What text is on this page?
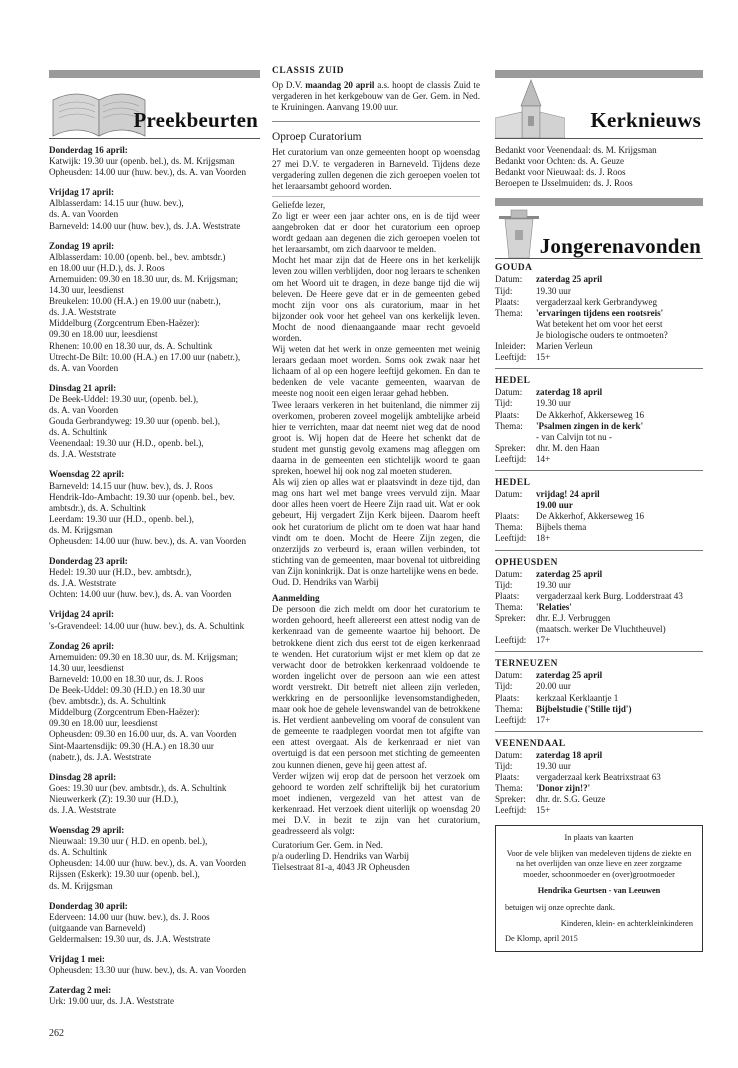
Preekbeurten
Donderdag 16 april:
Katwijk: 19.30 uur (openb. bel.), ds. M. Krijgsman
Opheusden: 14.00 uur (huw. bev.), ds. A. van Voorden
Vrijdag 17 april:
Alblasserdam: 14.15 uur (huw. bev.),
ds. A. van Voorden
Barneveld: 14.00 uur (huw. bev.), ds. J.A. Weststrate
Zondag 19 april:
Alblasserdam: 10.00 (openb. bel., bev. ambtsdr.)
en 18.00 uur (H.D.), ds. J. Roos
Arnemuiden: 09.30 en 18.30 uur, ds. M. Krijgsman;
14.30 uur, leesdienst
Breukelen: 10.00 (H.A.) en 19.00 uur (nabetr.),
ds. J.A. Weststrate
Middelburg (Zorgcentrum Eben-Haëzer):
09.30 en 18.00 uur, leesdienst
Rhenen: 10.00 en 18.30 uur, ds. A. Schultink
Utrecht-De Bilt: 10.00 (H.A.) en 17.00 uur (nabetr.),
ds. A. van Voorden
Dinsdag 21 april:
De Beek-Uddel: 19.30 uur, (openb. bel.),
ds. A. van Voorden
Gouda Gerbrandyweg: 19.30 uur (openb. bel.),
ds. A. Schultink
Veenendaal: 19.30 uur (H.D., openb. bel.),
ds. J.A. Weststrate
Woensdag 22 april:
Barneveld: 14.15 uur (huw. bev.), ds. J. Roos
Hendrik-Ido-Ambacht: 19.30 uur (openb. bel., bev.
ambtsdr.), ds. A. Schultink
Leerdam: 19.30 uur (H.D., openb. bel.),
ds. M. Krijgsman
Opheusden: 14.00 uur (huw. bev.), ds. A. van Voorden
Donderdag 23 april:
Hedel: 19.30 uur (H.D., bev. ambtsdr.),
ds. J.A. Weststrate
Ochten: 14.00 uur (huw. bev.), ds. A. van Voorden
Vrijdag 24 april:
's-Gravendeel: 14.00 uur (huw. bev.), ds. A. Schultink
Zondag 26 april:
Arnemuiden: 09.30 en 18.30 uur, ds. M. Krijgsman;
14.30 uur, leesdienst
Barneveld: 10.00 en 18.30 uur, ds. J. Roos
De Beek-Uddel: 09.30 (H.D.) en 18.30 uur
(bev. ambtsdr.), ds. A. Schultink
Middelburg (Zorgcentrum Eben-Haëzer):
09.30 en 18.00 uur, leesdienst
Opheusden: 09.30 en 16.00 uur, ds. A. van Voorden
Sint-Maartensdijk: 09.30 (H.A.) en 18.30 uur
(nabetr.), ds. J.A. Weststrate
Dinsdag 28 april:
Goes: 19.30 uur (bev. ambtsdr.), ds. A. Schultink
Nieuwerkerk (Z): 19.30 uur (H.D.),
ds. J.A. Weststrate
Woensdag 29 april:
Nieuwaal: 19.30 uur ( H.D. en openb. bel.),
ds. A. Schultink
Opheusden: 14.00 uur (huw. bev.), ds. A. van Voorden
Rijssen (Eskerk): 19.30 uur (openb. bel.),
ds. M. Krijgsman
Donderdag 30 april:
Ederveen: 14.00 uur (huw. bev.), ds. J. Roos
(uitgaande van Barneveld)
Geldermalsen: 19.30 uur, ds. J.A. Weststrate
Vrijdag 1 mei:
Opheusden: 13.30 uur (huw. bev.), ds. A. van Voorden
Zaterdag 2 mei:
Urk: 19.00 uur, ds. J.A. Weststrate
CLASSIS ZUID
Op D.V. maandag 20 april a.s. hoopt de classis Zuid te vergaderen in het kerkgebouw van de Ger. Gem. in Ned. te Kruiningen. Aanvang 19.00 uur.
Oproep Curatorium
Het curatorium van onze gemeenten hoopt op woensdag 27 mei D.V. te vergaderen in Barneveld. Tijdens deze vergadering zullen degenen die zich geroepen voelen tot het leraarsambt gehoord worden.
Geliefde lezer,
Zo ligt er weer een jaar achter ons, en is de tijd weer aangebroken dat er door het curatorium een oproep wordt gedaan aan degenen die zich geroepen voelen tot het leraarsambt, om zich daarvoor te melden.
Mocht het maar zijn dat de Heere ons in het kerkelijk leven zou willen verblijden, door nog leraars te schenken om het Woord uit te dragen, in deze bange tijd die wij beleven. De Heere geve dat er in de gemeenten gebed mocht zijn voor ons als curatorium, maar in het bijzonder ook voor het geheel van ons kerkelijk leven. Mocht de nood dienaangaande maar recht gevoeld worden.
Wij weten dat het werk in onze gemeenten met weinig leraars gedaan moet worden. Soms ook zwak naar het lichaam of al op een hogere leeftijd gekomen. En dan te bedenken de vele vacante gemeenten, waarvan de meeste nog nooit een eigen leraar gehad hebben.
Twee leraars verkeren in het buitenland, die nimmer zij overkomen, proberen zoveel mogelijk ambtelijke arbeid hier te verrichten, maar dat neemt niet weg dat de nood groot is. Wij hopen dat de Heere het schenkt dat de student met gunstig gevolg examens mag afleggen om daarna in de gemeenten een stichtelijk woord te gaan spreken, hoewel hij ook nog zal moeten studeren.
Als wij zien op alles wat er plaatsvindt in deze tijd, dan mag ons hart wel met bange vrees vervuld zijn. Maar door alles heen voert de Heere Zijn raad uit. Wat er ook gebeurt, Hij vergadert Zijn Kerk bijeen. Daarom heeft ook het curatorium de plicht om te doen wat haar hand vindt om te doen. Mocht de Heere Zijn zegen, die onzerzijds zo verbeurd is, eraan willen verbinden, tot stichting van de gemeenten, maar bovenal tot uitbreiding van Zijn koninkrijk. Dat is onze hartelijke wens en bede.
Oud. D. Hendriks van Warbij
Aanmelding
De persoon die zich meldt om door het curatorium te worden gehoord, heeft allereerst een attest nodig van de kerkenraad van de gemeente waartoe hij behoort. De betrokkene dient zich dus eerst tot de eigen kerkenraad te wenden. Het curatorium wijst er met klem op dat ze verwacht door de betrokken kerkenraad voldoende te worden ingelicht over de persoon aan wie een attest wordt verstrekt. Dit betreft niet alleen zijn verleden, werkkring en de persoonlijke levensomstandigheden, maar ook hoe de gehele levenswandel van de betrokkene is. Het verdient aanbeveling om vooraf de consulent van de gemeente te raadplegen voordat men tot afgifte van een attest overgaat. Als de kerkenraad er niet van overtuigd is dat een persoon met stichting de gemeenten zou kunnen dienen, geve hij geen attest af.
Verder wijzen wij erop dat de persoon het verzoek om gehoord te worden zelf schriftelijk bij het curatorium moet indienen, vergezeld van het attest van de kerkenraad. Het verzoek dient uiterlijk op woensdag 20 mei D.V. in bezit te zijn van het curatorium, geadresseerd als volgt:
Curatorium Ger. Gem. in Ned.
p/a ouderling D. Hendriks van Warbij
Tielsestraat 81-a, 4043 JR Opheusden
Kerknieuws
Bedankt voor Veenendaal: ds. M. Krijgsman
Bedankt voor Ochten: ds. A. Geuze
Bedankt voor Nieuwaal: ds. J. Roos
Beroepen te IJsselmuiden: ds. J. Roos
Jongerenavonden
GOUDA
Datum:	zaterdag 25 april
Tijd:	19.30 uur
Plaats:	vergaderzaal kerk Gerbrandyweg
Thema:	'ervaringen tijdens een rootsreis'
Wat betekent het om voor het eerst
Je biologische ouders te ontmoeten?
Inleider:	Marien Verleun
Leeftijd:	15+
HEDEL
Datum:	zaterdag 18 april
Tijd:	19.30 uur
Plaats:	De Akkerhof, Akkerseweg 16
Thema:	'Psalmen zingen in de kerk'
- van Calvijn tot nu -
Spreker:	dhr. M. den Haan
Leeftijd:	14+
HEDEL
Datum:	vrijdag! 24 april
19.00 uur
Plaats:	De Akkerhof, Akkerseweg 16
Thema:	Bijbels thema
Leeftijd:	18+
OPHEUSDEN
Datum:	zaterdag 25 april
Tijd:	19.30 uur
Plaats:	vergaderzaal kerk Burg. Lodderstraat 43
Thema:	'Relaties'
Spreker:	dhr. E.J. Verbruggen
(maatsch. werker De Vluchtheuvel)
Leeftijd:	17+
TERNEUZEN
Datum:	zaterdag 25 april
Tijd:	20.00 uur
Plaats:	kerkzaal Kerklaantje 1
Thema:	Bijbelstudie ('Stille tijd')
Leeftijd:	17+
VEENENDAAL
Datum:	zaterdag 18 april
Tijd:	19.30 uur
Plaats:	vergaderzaal kerk Beatrixstraat 63
Thema:	'Donor zijn!?'
Spreker:	dhr. dr. S.G. Geuze
Leeftijd:	15+
In plaats van kaarten
Voor de vele blijken van medeleven tijdens de ziekte en na het overlijden van onze lieve en zeer zorgzame moeder, schoonmoeder en (over)grootmoeder
Hendrika Geurtsen - van Leeuwen
betuigen wij onze oprechte dank.
Kinderen, klein- en achterkleinkinderen
De Klomp, april 2015
262
